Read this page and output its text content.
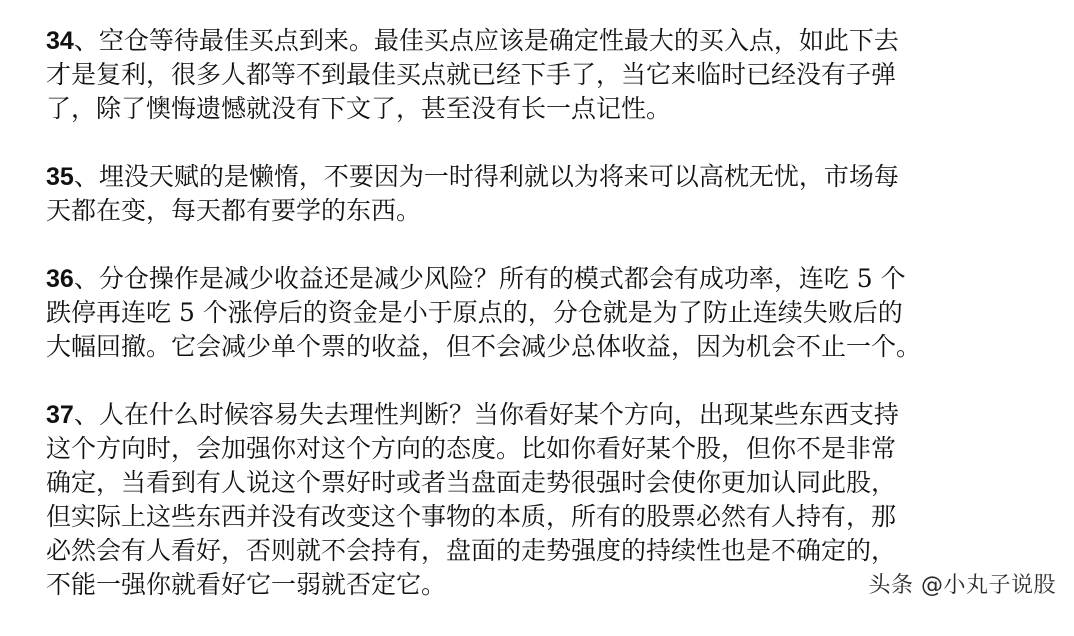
34、空仓等待最佳买点到来。最佳买点应该是确定性最大的买入点，如此下去
才是复利，很多人都等不到最佳买点就已经下手了，当它来临时已经没有子弹
了，除了懊悔遗憾就没有下文了，甚至没有长一点记性。
35、埋没天赋的是懒惰，不要因为一时得利就以为将来可以高枕无忧，市场每
天都在变，每天都有要学的东西。
36、分仓操作是减少收益还是减少风险？所有的模式都会有成功率，连吃 5 个
跌停再连吃 5 个涨停后的资金是小于原点的，分仓就是为了防止连续失败后的
大幅回撤。它会减少单个票的收益，但不会减少总体收益，因为机会不止一个。
37、人在什么时候容易失去理性判断？当你看好某个方向，出现某些东西支持
这个方向时，会加强你对这个方向的态度。比如你看好某个股，但你不是非常
确定，当看到有人说这个票好时或者当盘面走势很强时会使你更加认同此股，
但实际上这些东西并没有改变这个事物的本质，所有的股票必然有人持有，那
必然会有人看好，否则就不会持有，盘面的走势强度的持续性也是不确定的，
不能一强你就看好它一弱就否定它。	头条 @小丸子说股
